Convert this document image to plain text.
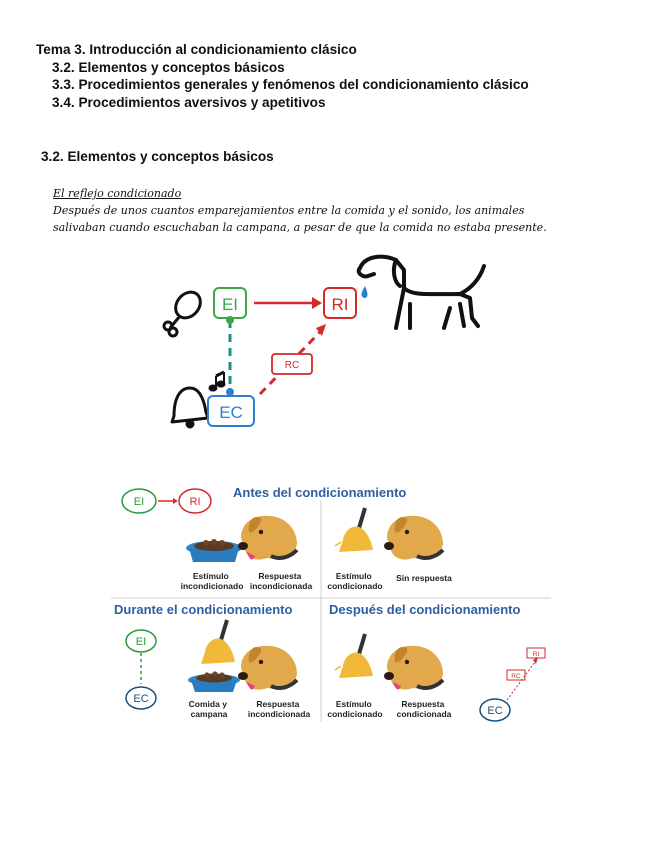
Tema 3. Introducción al condicionamiento clásico
3.2. Elementos y conceptos básicos
3.3. Procedimientos generales y fenómenos del condicionamiento clásico
3.4. Procedimientos aversivos y apetitivos
3.2. Elementos y conceptos básicos
El reflejo condicionado
Después de unos cuantos emparejamientos entre la comida y el sonido, los animales salivaban cuando escuchaban la campana, a pesar de que la comida no estaba presente.
EI	RI
EC
RC
Antes del condicionamiento
Durante el condicionamiento	Después del condicionamiento
EI	RI
Estímulo incondicionado
Respuesta incondicionada
Estímulo condicionado
Sin respuesta
EI
EC	Comida y campana
Respuesta incondicionada
Estímulo condicionado
Respuesta condicionada	EC
RC
RI
